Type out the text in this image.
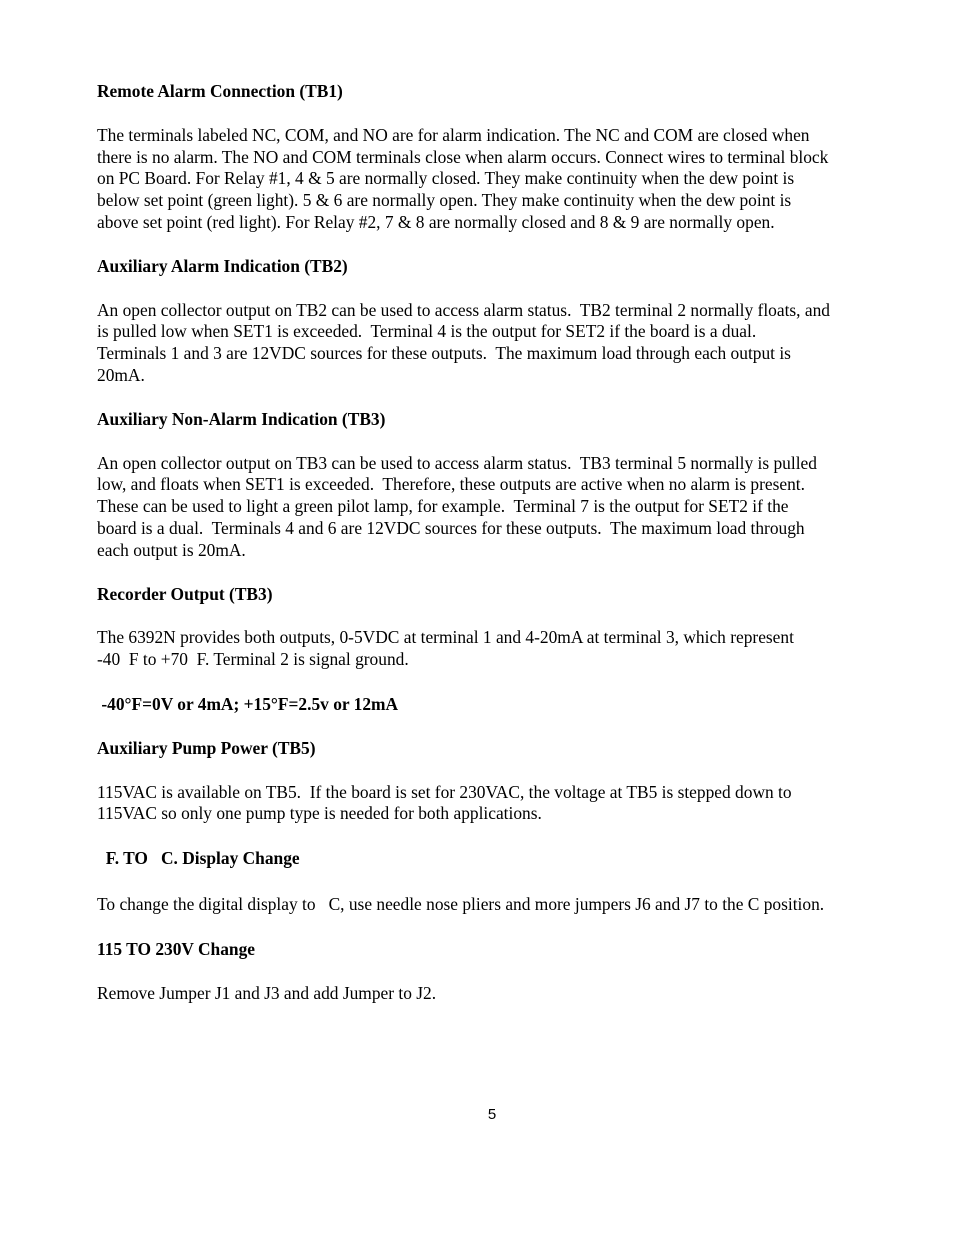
Remote Alarm Connection (TB1)

The terminals labeled NC, COM, and NO are for alarm indication. The NC and COM are closed when
there is no alarm. The NO and COM terminals close when alarm occurs. Connect wires to terminal block
on PC Board. For Relay #1, 4 & 5 are normally closed. They make continuity when the dew point is
below set point (green light). 5 & 6 are normally open. They make continuity when the dew point is
above set point (red light). For Relay #2, 7 & 8 are normally closed and 8 & 9 are normally open.

Auxiliary Alarm Indication (TB2)

An open collector output on TB2 can be used to access alarm status.  TB2 terminal 2 normally floats, and
is pulled low when SET1 is exceeded.  Terminal 4 is the output for SET2 if the board is a dual.
Terminals 1 and 3 are 12VDC sources for these outputs.  The maximum load through each output is
20mA.

Auxiliary Non-Alarm Indication (TB3)

An open collector output on TB3 can be used to access alarm status.  TB3 terminal 5 normally is pulled
low, and floats when SET1 is exceeded.  Therefore, these outputs are active when no alarm is present.
These can be used to light a green pilot lamp, for example.  Terminal 7 is the output for SET2 if the
board is a dual.  Terminals 4 and 6 are 12VDC sources for these outputs.  The maximum load through
each output is 20mA.

Recorder Output (TB3)

The 6392N provides both outputs, 0-5VDC at terminal 1 and 4-20mA at terminal 3, which represent
-40  F to +70  F. Terminal 2 is signal ground.

-40°F=0V or 4mA; +15°F=2.5v or 12mA

Auxiliary Pump Power (TB5)

115VAC is available on TB5.  If the board is set for 230VAC, the voltage at TB5 is stepped down to
115VAC so only one pump type is needed for both applications.

F. TO   C. Display Change

To change the digital display to   C, use needle nose pliers and more jumpers J6 and J7 to the C position.

115 TO 230V Change

Remove Jumper J1 and J3 and add Jumper to J2.

5
